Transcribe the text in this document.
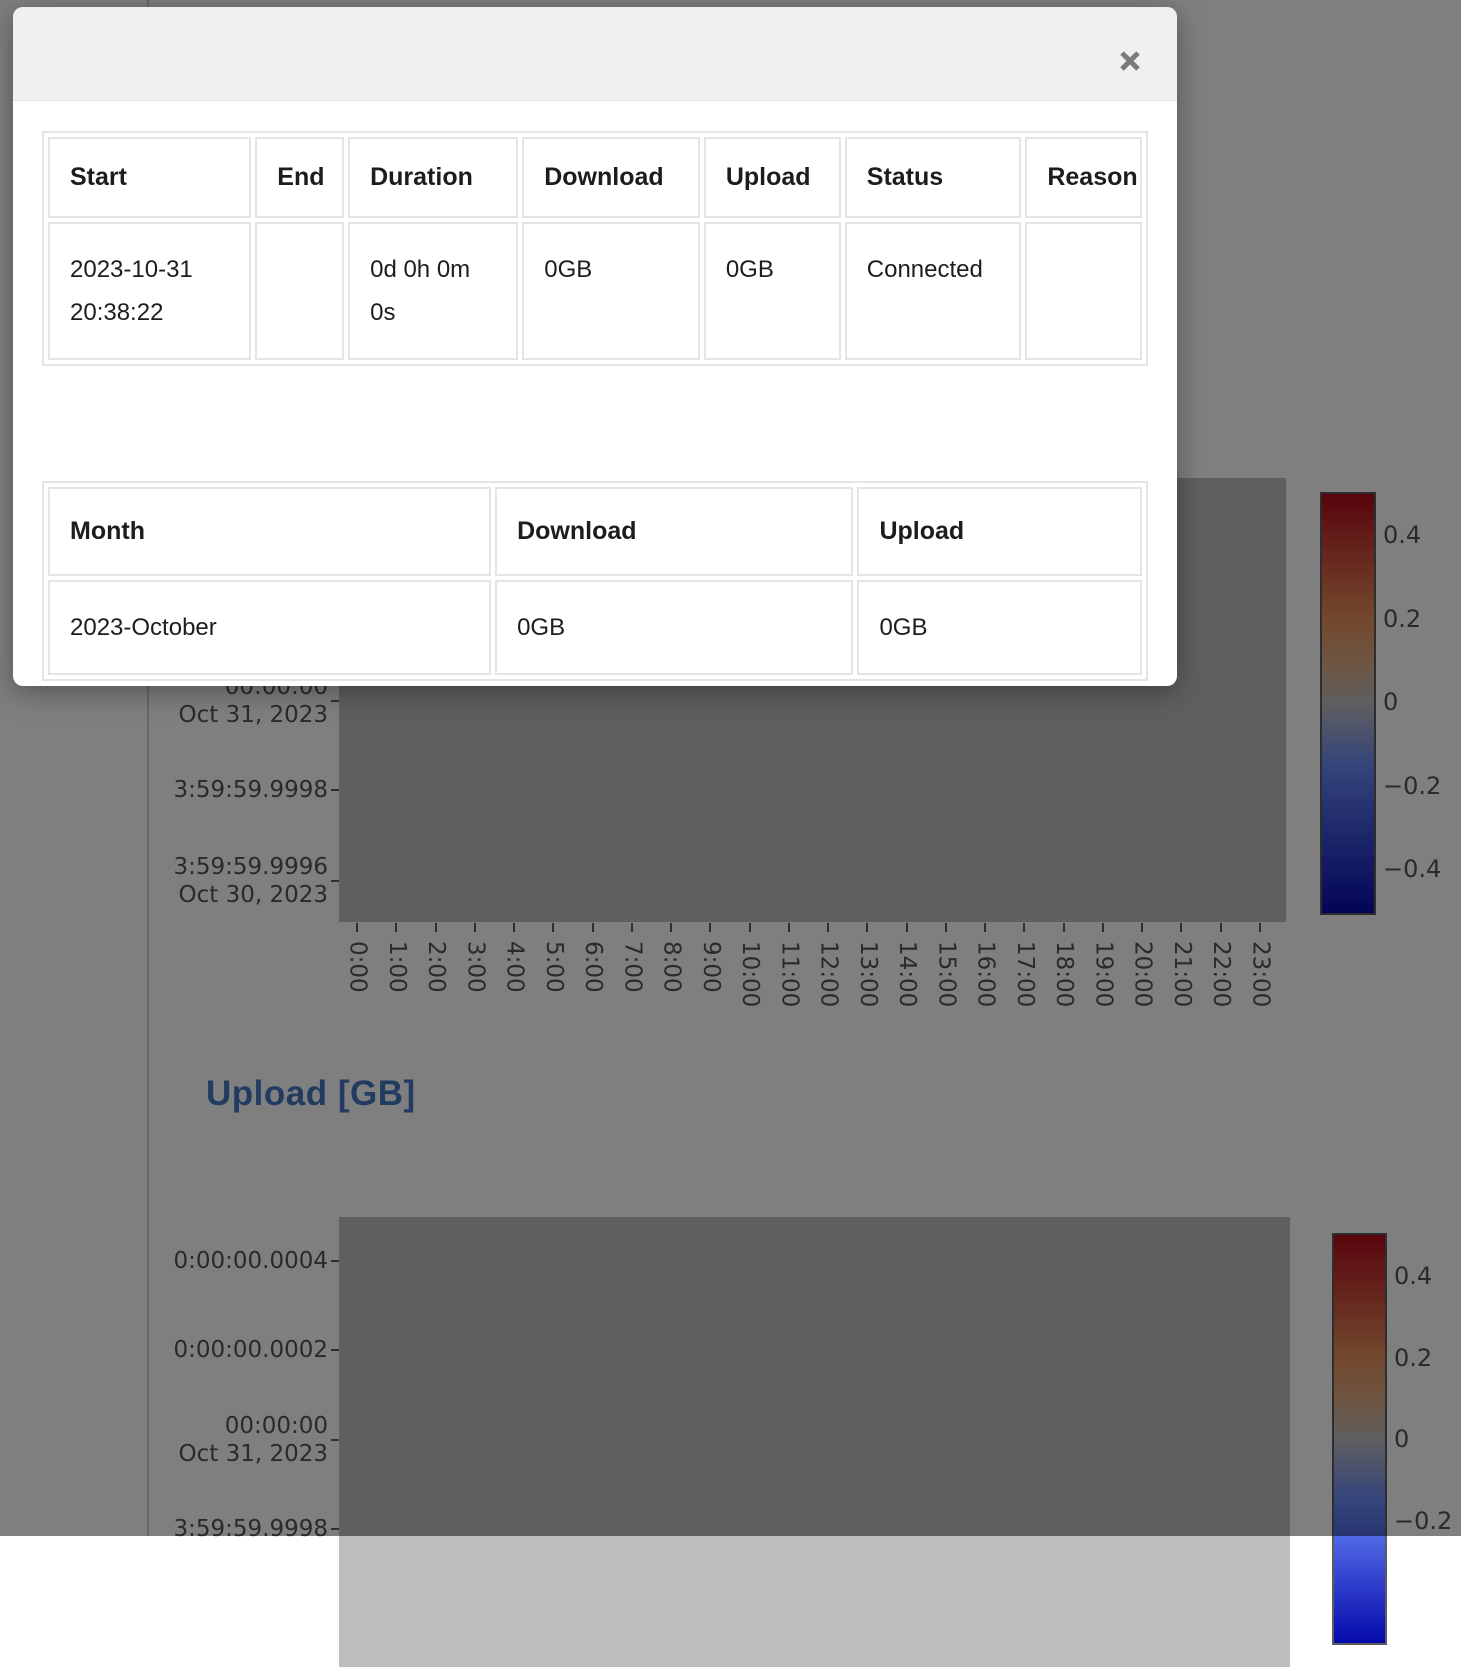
Start	End	Duration	Download	Upload	Status	Reason
2023-10-31 20:38:22		0d 0h 0m 0s	0GB	0GB	Connected	
Month	Download	Upload
2023-October	0GB	0GB
